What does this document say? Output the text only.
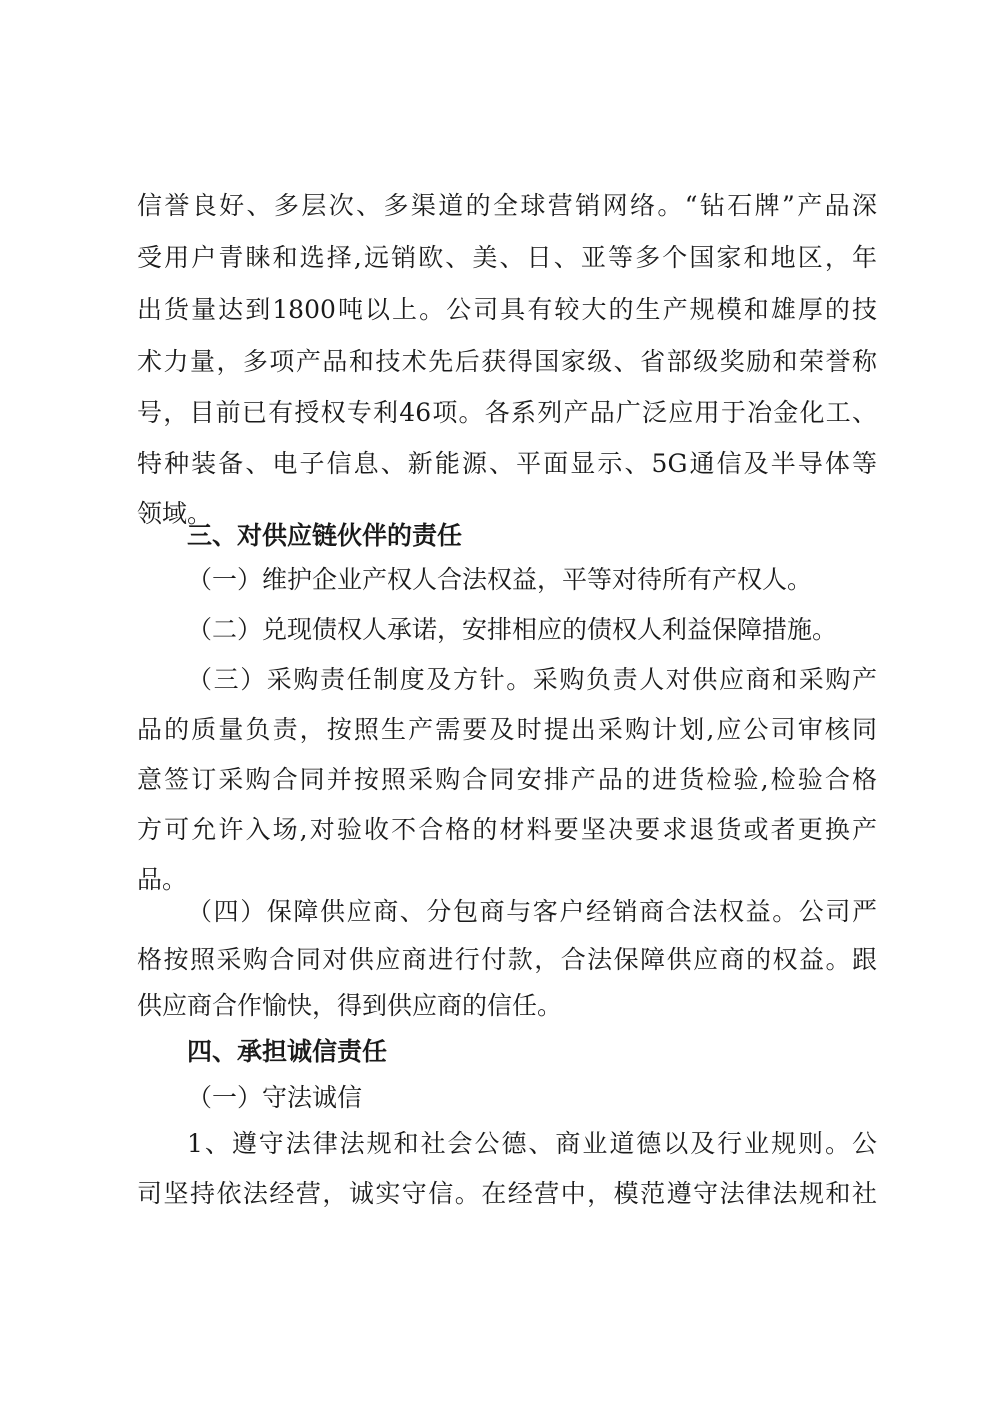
信誉良好、多层次、多渠道的全球营销网络。“钻石牌”产品深
受用户青睐和选择,远销欧、美、日、亚等多个国家和地区，年
出货量达到1800吨以上。公司具有较大的生产规模和雄厚的技
术力量，多项产品和技术先后获得国家级、省部级奖励和荣誉称
号，目前已有授权专利46项。各系列产品广泛应用于冶金化工、
特种装备、电子信息、新能源、平面显示、5G通信及半导体等
领域。
三、对供应链伙伴的责任
（一）维护企业产权人合法权益，平等对待所有产权人。
（二）兑现债权人承诺，安排相应的债权人利益保障措施。
（三）采购责任制度及方针。采购负责人对供应商和采购产
品的质量负责，按照生产需要及时提出采购计划,应公司审核同
意签订采购合同并按照采购合同安排产品的进货检验,检验合格
方可允许入场,对验收不合格的材料要坚决要求退货或者更换产
品。
（四）保障供应商、分包商与客户经销商合法权益。公司严
格按照采购合同对供应商进行付款，合法保障供应商的权益。跟
供应商合作愉快，得到供应商的信任。
四、承担诚信责任
（一）守法诚信
1、遵守法律法规和社会公德、商业道德以及行业规则。公
司坚持依法经营，诚实守信。在经营中，模范遵守法律法规和社
